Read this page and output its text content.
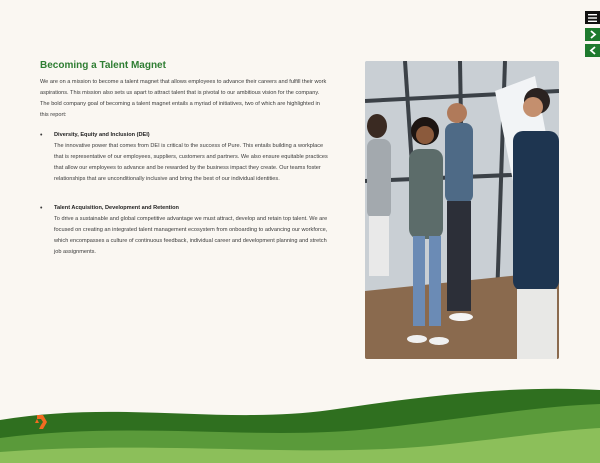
Becoming a Talent Magnet
We are on a mission to become a talent magnet that allows employees to advance their careers and fulfill their work aspirations. This mission also sets us apart to attract talent that is pivotal to our ambitious vision for the company. The bold company goal of becoming a talent magnet entails a myriad of initiatives, two of which are highlighted in this report:
• Diversity, Equity and Inclusion (DEI)
The innovative power that comes from DEI is critical to the success of Pure. This entails building a workplace that is representative of our employees, suppliers, customers and partners. We also ensure equitable practices that allow our employees to advance and be rewarded by the business impact they create. Our teams foster relationships that are unconditionally inclusive and bring the best of our individual identities.
• Talent Acquisition, Development and Retention
To drive a sustainable and global competitive advantage we must attract, develop and retain top talent. We are focused on creating an integrated talent management ecosystem from onboarding to advancing our workforce, which encompasses a culture of continuous feedback, individual career and development planning and stretch job assignments.
